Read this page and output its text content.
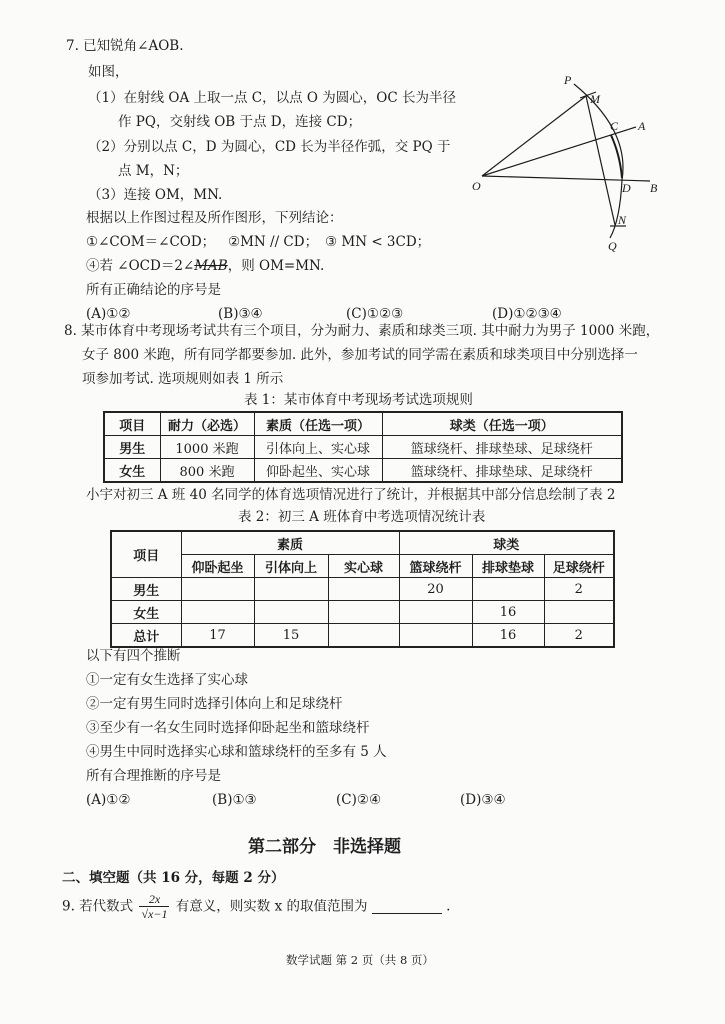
7. 已知锐角∠AOB.
如图，
（1）在射线 OA 上取一点 C，以点 O 为圆心，OC 长为半径
作 PQ，交射线 OB 于点 D，连接 CD；
（2）分别以点 C，D 为圆心，CD 长为半径作弧，交 PQ 于
点 M，N；
（3）连接 OM，MN.
根据以上作图过程及所作图形，下列结论：
①∠COM＝∠COD； ②MN // CD； ③ MN < 3CD；
④若 ∠OCD＝2∠MAB，则 OM=MN.
所有正确结论的序号是
(A)①②	(B)③④	(C)①②③	(D)①②③④
P
M
C A
O	D B
N
Q
8. 某市体育中考现场考试共有三个项目，分为耐力、素质和球类三项. 其中耐力为男子 1000 米跑，
女子 800 米跑，所有同学都要参加. 此外，参加考试的同学需在素质和球类项目中分别选择一
项参加考试. 选项规则如表 1 所示
表 1：某市体育中考现场考试选项规则
项目	耐力（必选）	素质（任选一项）	球类（任选一项）
男生	1000 米跑	引体向上、实心球	篮球绕杆、排球垫球、足球绕杆
女生	800 米跑	仰卧起坐、实心球	篮球绕杆、排球垫球、足球绕杆
小宇对初三 A 班 40 名同学的体育选项情况进行了统计，并根据其中部分信息绘制了表 2
表 2：初三 A 班体育中考选项情况统计表
项目	素质			球类		
	仰卧起坐	引体向上	实心球	篮球绕杆	排球垫球	足球绕杆
男生				20		2
女生					16	
总计	17	15			16	2
以下有四个推断
①一定有女生选择了实心球
②一定有男生同时选择引体向上和足球绕杆
③至少有一名女生同时选择仰卧起坐和篮球绕杆
④男生中同时选择实心球和篮球绕杆的至多有 5 人
所有合理推断的序号是
(A)①②	(B)①③	(C)②④	(D)③④
第二部分　非选择题
二、填空题（共 16 分，每题 2 分）
9. 若代数式 $\frac{2x}{√x-1}$ 有意义，则实数 x 的取值范围为	.
数学试题 第 2 页（共 8 页）
